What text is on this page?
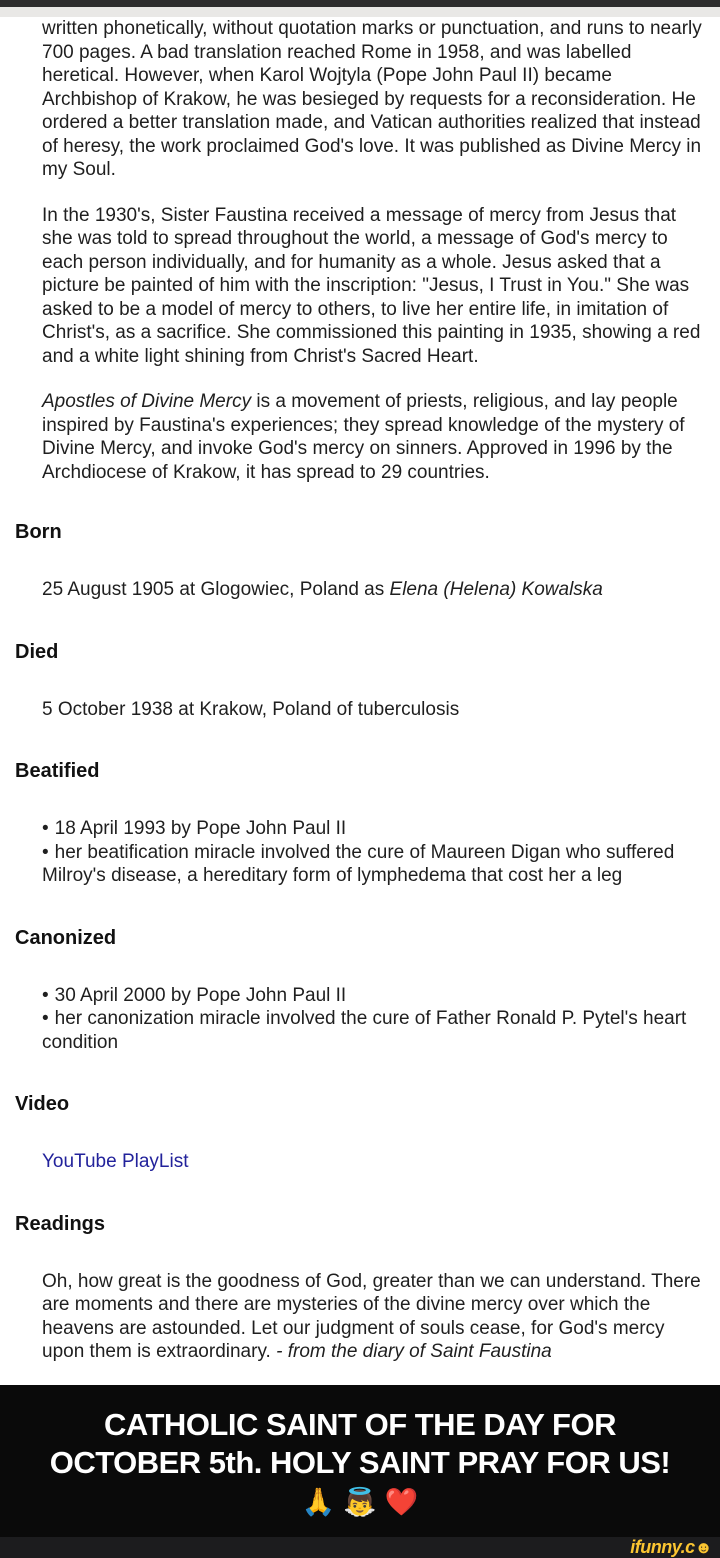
written phonetically, without quotation marks or punctuation, and runs to nearly 700 pages. A bad translation reached Rome in 1958, and was labelled heretical. However, when Karol Wojtyla (Pope John Paul II) became Archbishop of Krakow, he was besieged by requests for a reconsideration. He ordered a better translation made, and Vatican authorities realized that instead of heresy, the work proclaimed God's love. It was published as Divine Mercy in my Soul.

In the 1930's, Sister Faustina received a message of mercy from Jesus that she was told to spread throughout the world, a message of God's mercy to each person individually, and for humanity as a whole. Jesus asked that a picture be painted of him with the inscription: "Jesus, I Trust in You." She was asked to be a model of mercy to others, to live her entire life, in imitation of Christ's, as a sacrifice. She commissioned this painting in 1935, showing a red and a white light shining from Christ's Sacred Heart.

Apostles of Divine Mercy is a movement of priests, religious, and lay people inspired by Faustina's experiences; they spread knowledge of the mystery of Divine Mercy, and invoke God's mercy on sinners. Approved in 1996 by the Archdiocese of Krakow, it has spread to 29 countries.

Born
25 August 1905 at Glogowiec, Poland as Elena (Helena) Kowalska
Died
5 October 1938 at Krakow, Poland of tuberculosis
Beatified
• 18 April 1993 by Pope John Paul II
• her beatification miracle involved the cure of Maureen Digan who suffered Milroy's disease, a hereditary form of lymphedema that cost her a leg
Canonized
• 30 April 2000 by Pope John Paul II
• her canonization miracle involved the cure of Father Ronald P. Pytel's heart condition
Video
YouTube PlayList
Readings
Oh, how great is the goodness of God, greater than we can understand. There are moments and there are mysteries of the divine mercy over which the heavens are astounded. Let our judgment of souls cease, for God's mercy upon them is extraordinary. - from the diary of Saint Faustina
CATHOLIC SAINT OF THE DAY FOR
OCTOBER 5th. HOLY SAINT PRAY FOR US!
🙏 👼 ❤️
ifunny.c☻
